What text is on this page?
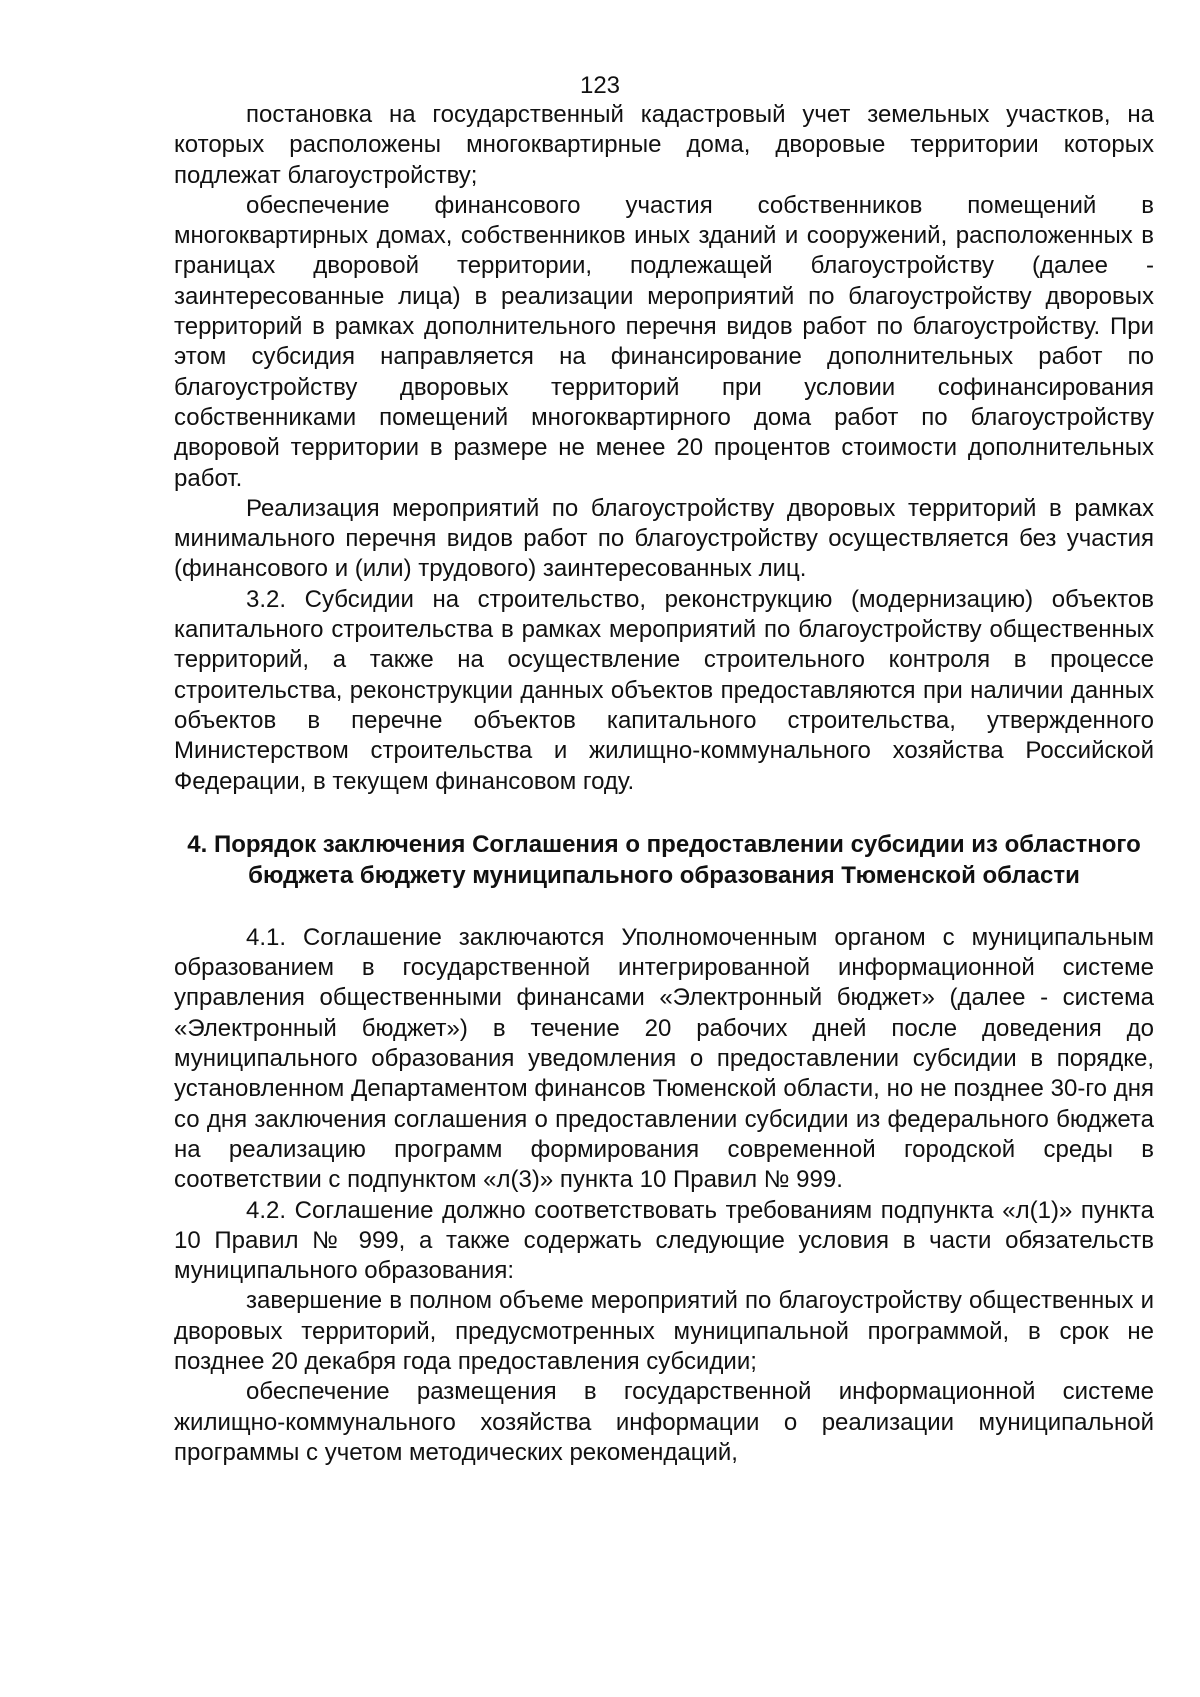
123

постановка на государственный кадастровый учет земельных участков, на которых расположены многоквартирные дома, дворовые территории которых подлежат благоустройству;

обеспечение финансового участия собственников помещений в многоквартирных домах, собственников иных зданий и сооружений, расположенных в границах дворовой территории, подлежащей благоустройству (далее - заинтересованные лица) в реализации мероприятий по благоустройству дворовых территорий в рамках дополнительного перечня видов работ по благоустройству. При этом субсидия направляется на финансирование дополнительных работ по благоустройству дворовых территорий при условии софинансирования собственниками помещений многоквартирного дома работ по благоустройству дворовой территории в размере не менее 20 процентов стоимости дополнительных работ.

Реализация мероприятий по благоустройству дворовых территорий в рамках минимального перечня видов работ по благоустройству осуществляется без участия (финансового и (или) трудового) заинтересованных лиц.

3.2. Субсидии на строительство, реконструкцию (модернизацию) объектов капитального строительства в рамках мероприятий по благоустройству общественных территорий, а также на осуществление строительного контроля в процессе строительства, реконструкции данных объектов предоставляются при наличии данных объектов в перечне объектов капитального строительства, утвержденного Министерством строительства и жилищно-коммунального хозяйства Российской Федерации, в текущем финансовом году.

4. Порядок заключения Соглашения о предоставлении субсидии из областного бюджета бюджету муниципального образования Тюменской области

4.1. Соглашение заключаются Уполномоченным органом с муниципальным образованием в государственной интегрированной информационной системе управления общественными финансами «Электронный бюджет» (далее - система «Электронный бюджет») в течение 20 рабочих дней после доведения до муниципального образования уведомления о предоставлении субсидии в порядке, установленном Департаментом финансов Тюменской области, но не позднее 30-го дня со дня заключения соглашения о предоставлении субсидии из федерального бюджета на реализацию программ формирования современной городской среды в соответствии с подпунктом «л(3)» пункта 10 Правил № 999.

4.2. Соглашение должно соответствовать требованиям подпункта «л(1)» пункта 10 Правил № 999, а также содержать следующие условия в части обязательств муниципального образования:

завершение в полном объеме мероприятий по благоустройству общественных и дворовых территорий, предусмотренных муниципальной программой, в срок не позднее 20 декабря года предоставления субсидии;

обеспечение размещения в государственной информационной системе жилищно-коммунального хозяйства информации о реализации муниципальной программы с учетом методических рекомендаций,
